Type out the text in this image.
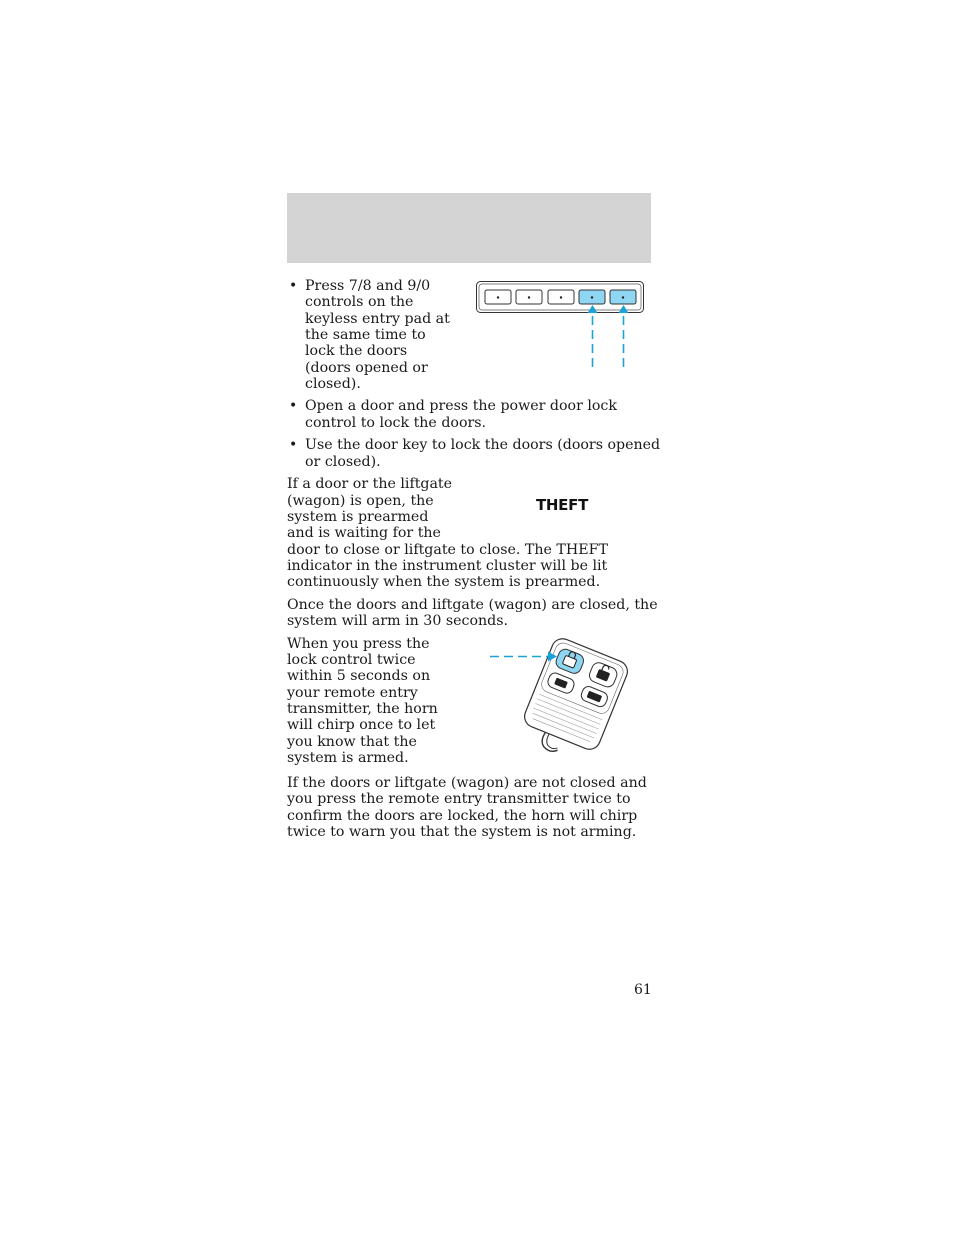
• Press 7/8 and 9/0
controls on the
keyless entry pad at
the same time to
lock the doors
(doors opened or
closed).
• Open a door and press the power door lock
control to lock the doors.
• Use the door key to lock the doors (doors opened
or closed).
If a door or the liftgate
(wagon) is open, the
system is prearmed
and is waiting for the
door to close or liftgate to close. The THEFT
indicator in the instrument cluster will be lit
continuously when the system is prearmed.
THEFT
Once the doors and liftgate (wagon) are closed, the
system will arm in 30 seconds.
When you press the
lock control twice
within 5 seconds on
your remote entry
transmitter, the horn
will chirp once to let
you know that the
system is armed.
If the doors or liftgate (wagon) are not closed and
you press the remote entry transmitter twice to
confirm the doors are locked, the horn will chirp
twice to warn you that the system is not arming.
61
